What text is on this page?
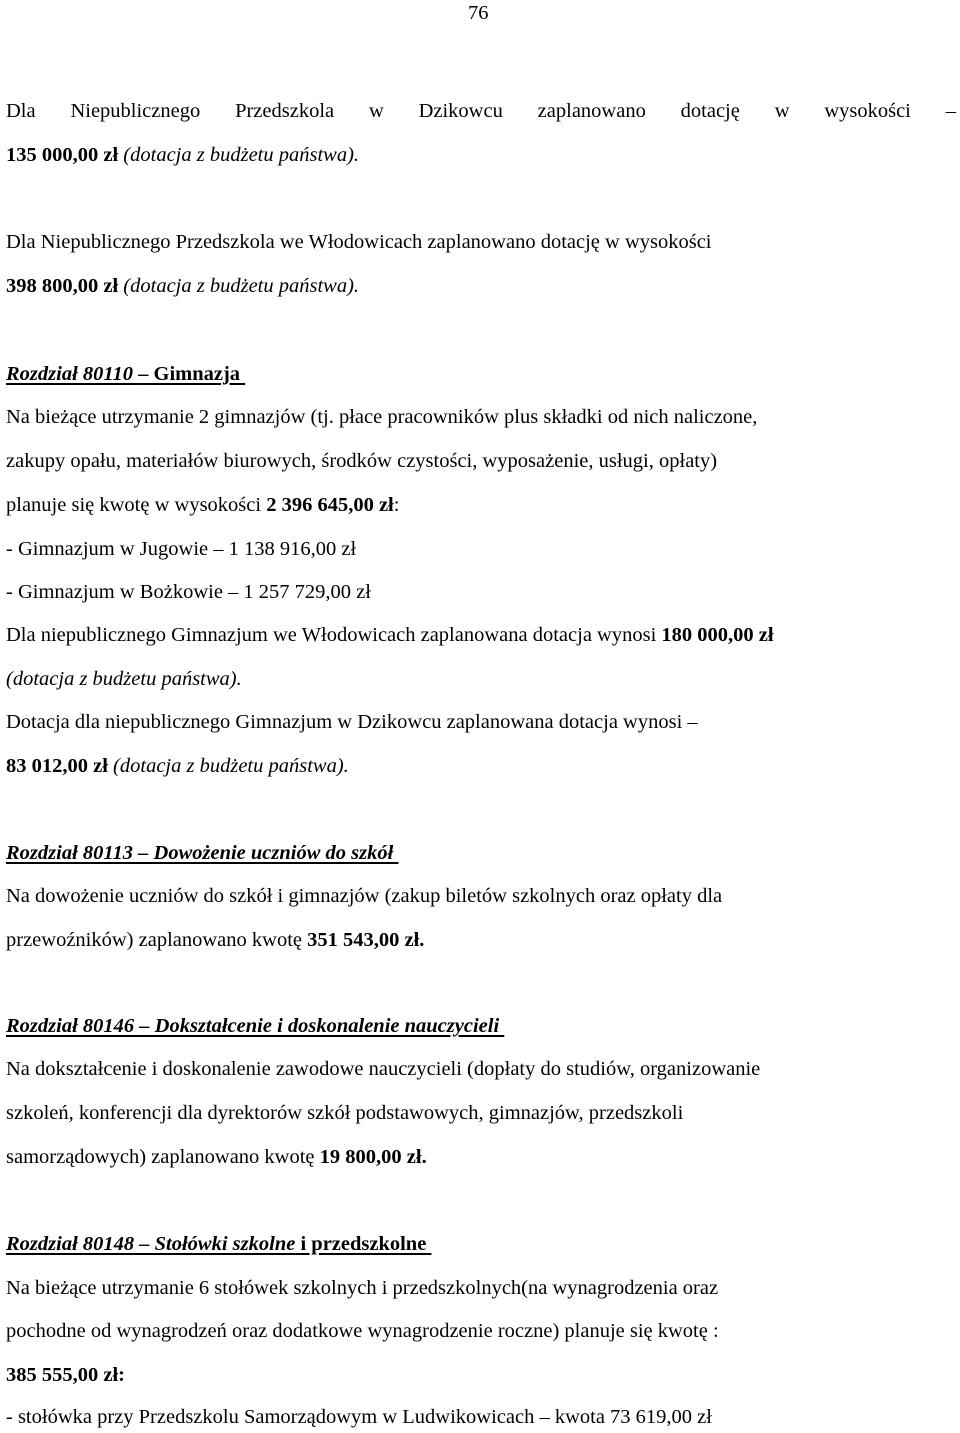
76
Dla Niepublicznego Przedszkola w Dzikowcu zaplanowano dotację w wysokości –
135 000,00 zł (dotacja z budżetu państwa).
Dla Niepublicznego Przedszkola we Włodowicach zaplanowano dotację w wysokości
398 800,00 zł (dotacja z budżetu państwa).
Rozdział 80110 – Gimnazja
Na bieżące utrzymanie 2 gimnazjów (tj. płace pracowników plus składki od nich naliczone,
zakupy opału, materiałów biurowych, środków czystości, wyposażenie, usługi, opłaty)
planuje się kwotę w wysokości 2 396 645,00 zł:
- Gimnazjum w Jugowie – 1 138 916,00 zł
- Gimnazjum w Bożkowie – 1 257 729,00 zł
Dla niepublicznego Gimnazjum we Włodowicach zaplanowana dotacja wynosi 180 000,00 zł
(dotacja z budżetu państwa).
Dotacja dla niepublicznego Gimnazjum w Dzikowcu zaplanowana dotacja wynosi –
83 012,00 zł (dotacja z budżetu państwa).
Rozdział 80113 – Dowożenie uczniów do szkół
Na dowożenie uczniów do szkół i gimnazjów (zakup biletów szkolnych oraz opłaty dla
przewoźników) zaplanowano kwotę 351 543,00 zł.
Rozdział 80146 – Dokształcenie i doskonalenie nauczycieli
Na dokształcenie i doskonalenie zawodowe nauczycieli (dopłaty do studiów, organizowanie
szkoleń, konferencji dla dyrektorów szkół podstawowych, gimnazjów, przedszkoli
samorządowych) zaplanowano kwotę 19 800,00 zł.
Rozdział 80148 – Stołówki szkolne i przedszkolne
Na bieżące utrzymanie 6 stołówek szkolnych i przedszkolnych(na wynagrodzenia oraz
pochodne od wynagrodzeń oraz dodatkowe wynagrodzenie roczne) planuje się kwotę :
385 555,00 zł:
- stołówka przy Przedszkolu Samorządowym w Ludwikowicach – kwota 73 619,00 zł
